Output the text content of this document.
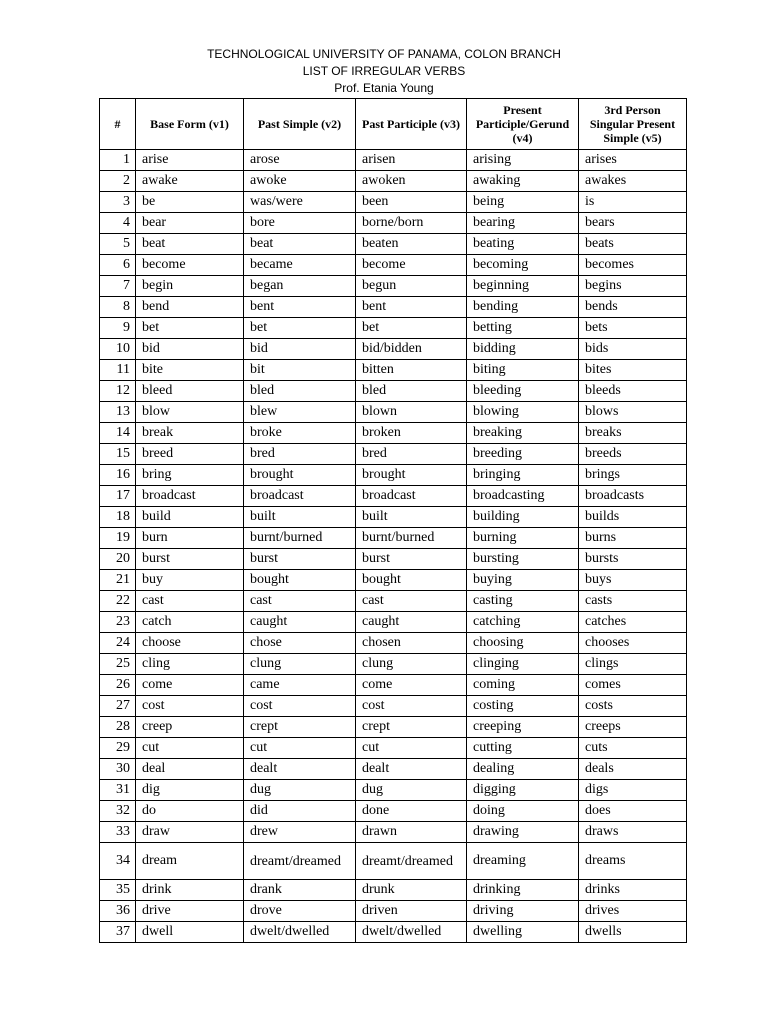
TECHNOLOGICAL UNIVERSITY OF PANAMA, COLON BRANCH
LIST OF IRREGULAR VERBS
Prof. Etania Young
#	Base Form (v1)	Past Simple (v2)	Past Participle (v3)	Present Participle/Gerund (v4)	3rd Person Singular Present Simple (v5)
1	arise	arose	arisen	arising	arises
2	awake	awoke	awoken	awaking	awakes
3	be	was/were	been	being	is
4	bear	bore	borne/born	bearing	bears
5	beat	beat	beaten	beating	beats
6	become	became	become	becoming	becomes
7	begin	began	begun	beginning	begins
8	bend	bent	bent	bending	bends
9	bet	bet	bet	betting	bets
10	bid	bid	bid/bidden	bidding	bids
11	bite	bit	bitten	biting	bites
12	bleed	bled	bled	bleeding	bleeds
13	blow	blew	blown	blowing	blows
14	break	broke	broken	breaking	breaks
15	breed	bred	bred	breeding	breeds
16	bring	brought	brought	bringing	brings
17	broadcast	broadcast	broadcast	broadcasting	broadcasts
18	build	built	built	building	builds
19	burn	burnt/burned	burnt/burned	burning	burns
20	burst	burst	burst	bursting	bursts
21	buy	bought	bought	buying	buys
22	cast	cast	cast	casting	casts
23	catch	caught	caught	catching	catches
24	choose	chose	chosen	choosing	chooses
25	cling	clung	clung	clinging	clings
26	come	came	come	coming	comes
27	cost	cost	cost	costing	costs
28	creep	crept	crept	creeping	creeps
29	cut	cut	cut	cutting	cuts
30	deal	dealt	dealt	dealing	deals
31	dig	dug	dug	digging	digs
32	do	did	done	doing	does
33	draw	drew	drawn	drawing	draws
34	dream	dreamt/dreamed	dreamt/dreamed	dreaming	dreams
35	drink	drank	drunk	drinking	drinks
36	drive	drove	driven	driving	drives
37	dwell	dwelt/dwelled	dwelt/dwelled	dwelling	dwells
